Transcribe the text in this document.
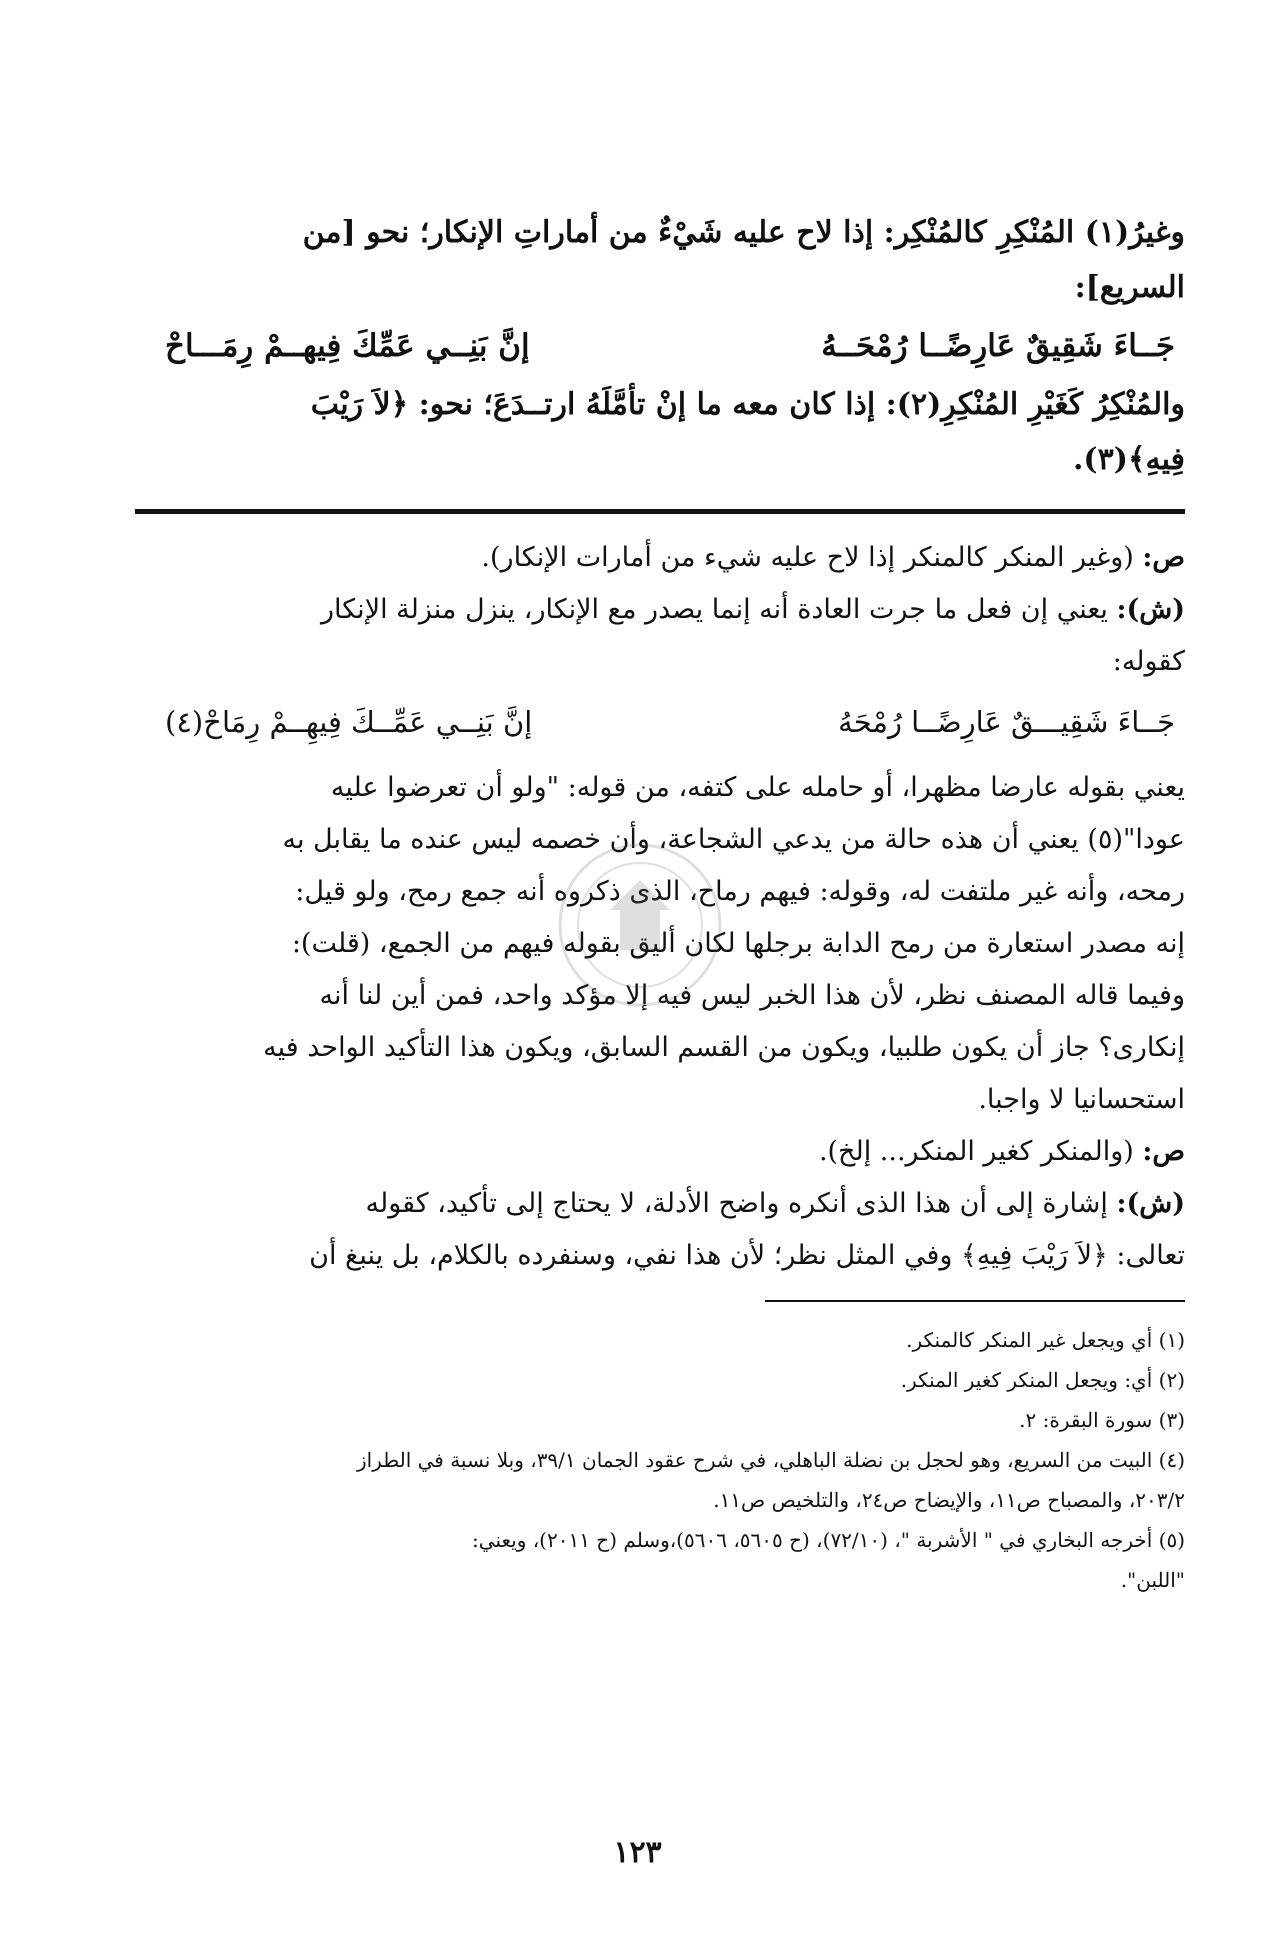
وغيرُ(١) المُنْكِرِ كالمُنْكِر: إذا لاح عليه شَيْءٌ من أماراتِ الإنكار؛ نحو [من

السريع]:

جَــاءَ شَقِيقٌ عَارِضًــا رُمْحَــهُ
إنَّ بَنِــي عَمِّكَ فِيهــمْ رِمَـــاحْ

والمُنْكِرُ كَغَيْرِ المُنْكِرِ(٢): إذا كان معه ما إنْ تأمَّلَهُ ارتــدَعَ؛ نحو: ﴿لاَ رَيْبَ

فِيهِ﴾(٣).

ص: (وغير المنكر كالمنكر إذا لاح عليه شيء من أمارات الإنكار).

(ش): يعني إن فعل ما جرت العادة أنه إنما يصدر مع الإنكار، ينزل منزلة الإنكار

كقوله:

جَــاءَ شَقِيـــقٌ عَارِضًــا رُمْحَهُ
إنَّ بَنِــي عَمِّــكَ فِيهِــمْ رِمَاحْ(٤)

يعني بقوله عارضا مظهرا، أو حامله على كتفه، من قوله: "ولو أن تعرضوا عليه

عودا"(٥) يعني أن هذه حالة من يدعي الشجاعة، وأن خصمه ليس عنده ما يقابل به

رمحه، وأنه غير ملتفت له، وقوله: فيهم رماح، الذى ذكروه أنه جمع رمح، ولو قيل:

إنه مصدر استعارة من رمح الدابة برجلها لكان أليق بقوله فيهم من الجمع، (قلت):

وفيما قاله المصنف نظر، لأن هذا الخبر ليس فيه إلا مؤكد واحد، فمن أين لنا أنه

إنكارى؟ جاز أن يكون طلبيا، ويكون من القسم السابق، ويكون هذا التأكيد الواحد فيه

استحسانيا لا واجبا.

ص: (والمنكر كغير المنكر... إلخ).

(ش): إشارة إلى أن هذا الذى أنكره واضح الأدلة، لا يحتاج إلى تأكيد، كقوله

تعالى: ﴿لاَ رَيْبَ فِيهِ﴾ وفي المثل نظر؛ لأن هذا نفي، وسنفرده بالكلام، بل ينبغ أن

(١) أي ويجعل غير المنكر كالمنكر.

(٢) أي: ويجعل المنكر كغير المنكر.

(٣) سورة البقرة: ٢.

(٤) البيت من السريع، وهو لحجل بن نضلة الباهلي، في شرح عقود الجمان ٣٩/١، وبلا نسبة في الطراز

٢٠٣/٢، والمصباح ص١١، والإيضاح ص٢٤، والتلخيص ص١١.

(٥) أخرجه البخاري في " الأشربة "، (٧٢/١٠)، (ح ٥٦٠٥، ٥٦٠٦)،وسلم (ح ٢٠١١)، ويعني:

"اللبن".

١٢٣
